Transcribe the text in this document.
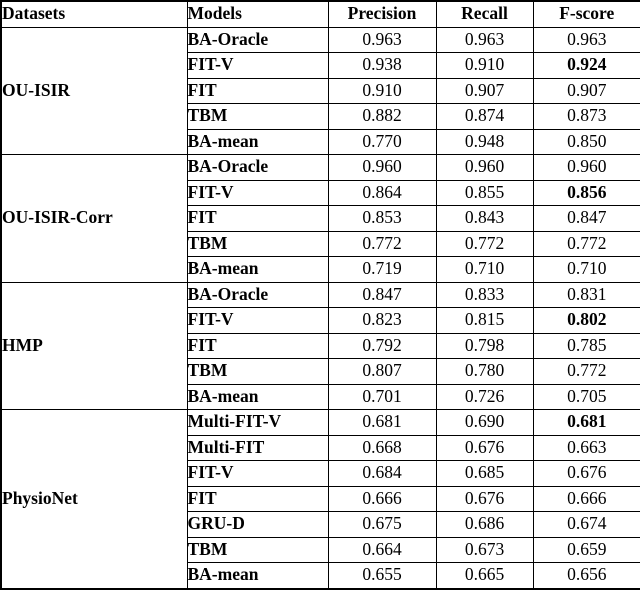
Datasets	Models	Precision	Recall	F-score
OU-ISIR	BA-Oracle	0.963	0.963	0.963
	FIT-V	0.938	0.910	0.924
	FIT	0.910	0.907	0.907
	TBM	0.882	0.874	0.873
	BA-mean	0.770	0.948	0.850
OU-ISIR-Corr	BA-Oracle	0.960	0.960	0.960
	FIT-V	0.864	0.855	0.856
	FIT	0.853	0.843	0.847
	TBM	0.772	0.772	0.772
	BA-mean	0.719	0.710	0.710
HMP	BA-Oracle	0.847	0.833	0.831
	FIT-V	0.823	0.815	0.802
	FIT	0.792	0.798	0.785
	TBM	0.807	0.780	0.772
	BA-mean	0.701	0.726	0.705
PhysioNet	Multi-FIT-V	0.681	0.690	0.681
	Multi-FIT	0.668	0.676	0.663
	FIT-V	0.684	0.685	0.676
	FIT	0.666	0.676	0.666
	GRU-D	0.675	0.686	0.674
	TBM	0.664	0.673	0.659
	BA-mean	0.655	0.665	0.656
